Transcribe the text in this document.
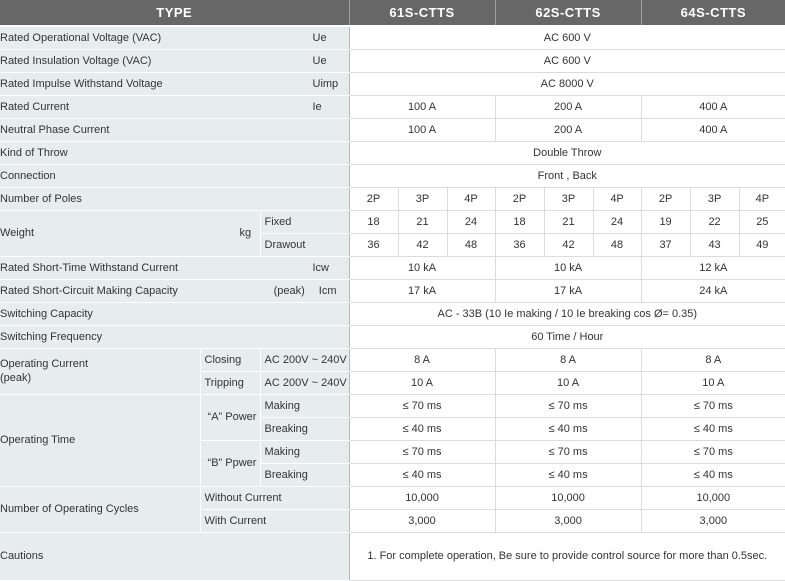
TYPE			61S-CTTS			62S-CTTS			64S-CTTS		

Rated Operational Voltage (VAC) Ue			AC 600 V								

Rated Insulation Voltage (VAC) Ue			AC 600 V								

Rated Impulse Withstand Voltage Uimp			AC 8000 V								

Rated Current Ie			100 A			200 A			400 A		
Neutral Phase Current			100 A			200 A			400 A		
Kind of Throw			Double Throw								
Connection			Front , Back								
Number of Poles			2P	3P	4P	2P	3P	4P	2P	3P	4P

Weight kg		Fixed	18	21	24	18	21	24	19	22	25
		Drawout	36	42	48	36	42	48	37	43	49

Rated Short-Time Withstand Current Icw			10 kA			10 kA			12 kA		

Rated Short-Circuit Making Capacity (peak) Icm			17 kA			17 kA			24 kA		
Switching Capacity			AC - 33B (10 Ie making / 10 Ie breaking cos Ø= 0.35)								
Switching Frequency			60 Time / Hour								

Operating Current
(peak)	Closing	AC 200V ~ 240V	8 A			8 A			8 A		
	Tripping	AC 200V ~ 240V	10 A			10 A			10 A		
Operating Time	“A” Power	Making	≤ 70 ms			≤ 70 ms			≤ 70 ms		
		Breaking	≤ 40 ms			≤ 40 ms			≤ 40 ms		
	“B” Ppwer	Making	≤ 70 ms			≤ 70 ms			≤ 70 ms		
		Breaking	≤ 40 ms			≤ 40 ms			≤ 40 ms		
Number of Operating Cycles	Without Current		10,000			10,000			10,000		
	With Current		3,000			3,000			3,000		
Cautions			1. For complete operation, Be sure to provide control source for more than 0.5sec.								
